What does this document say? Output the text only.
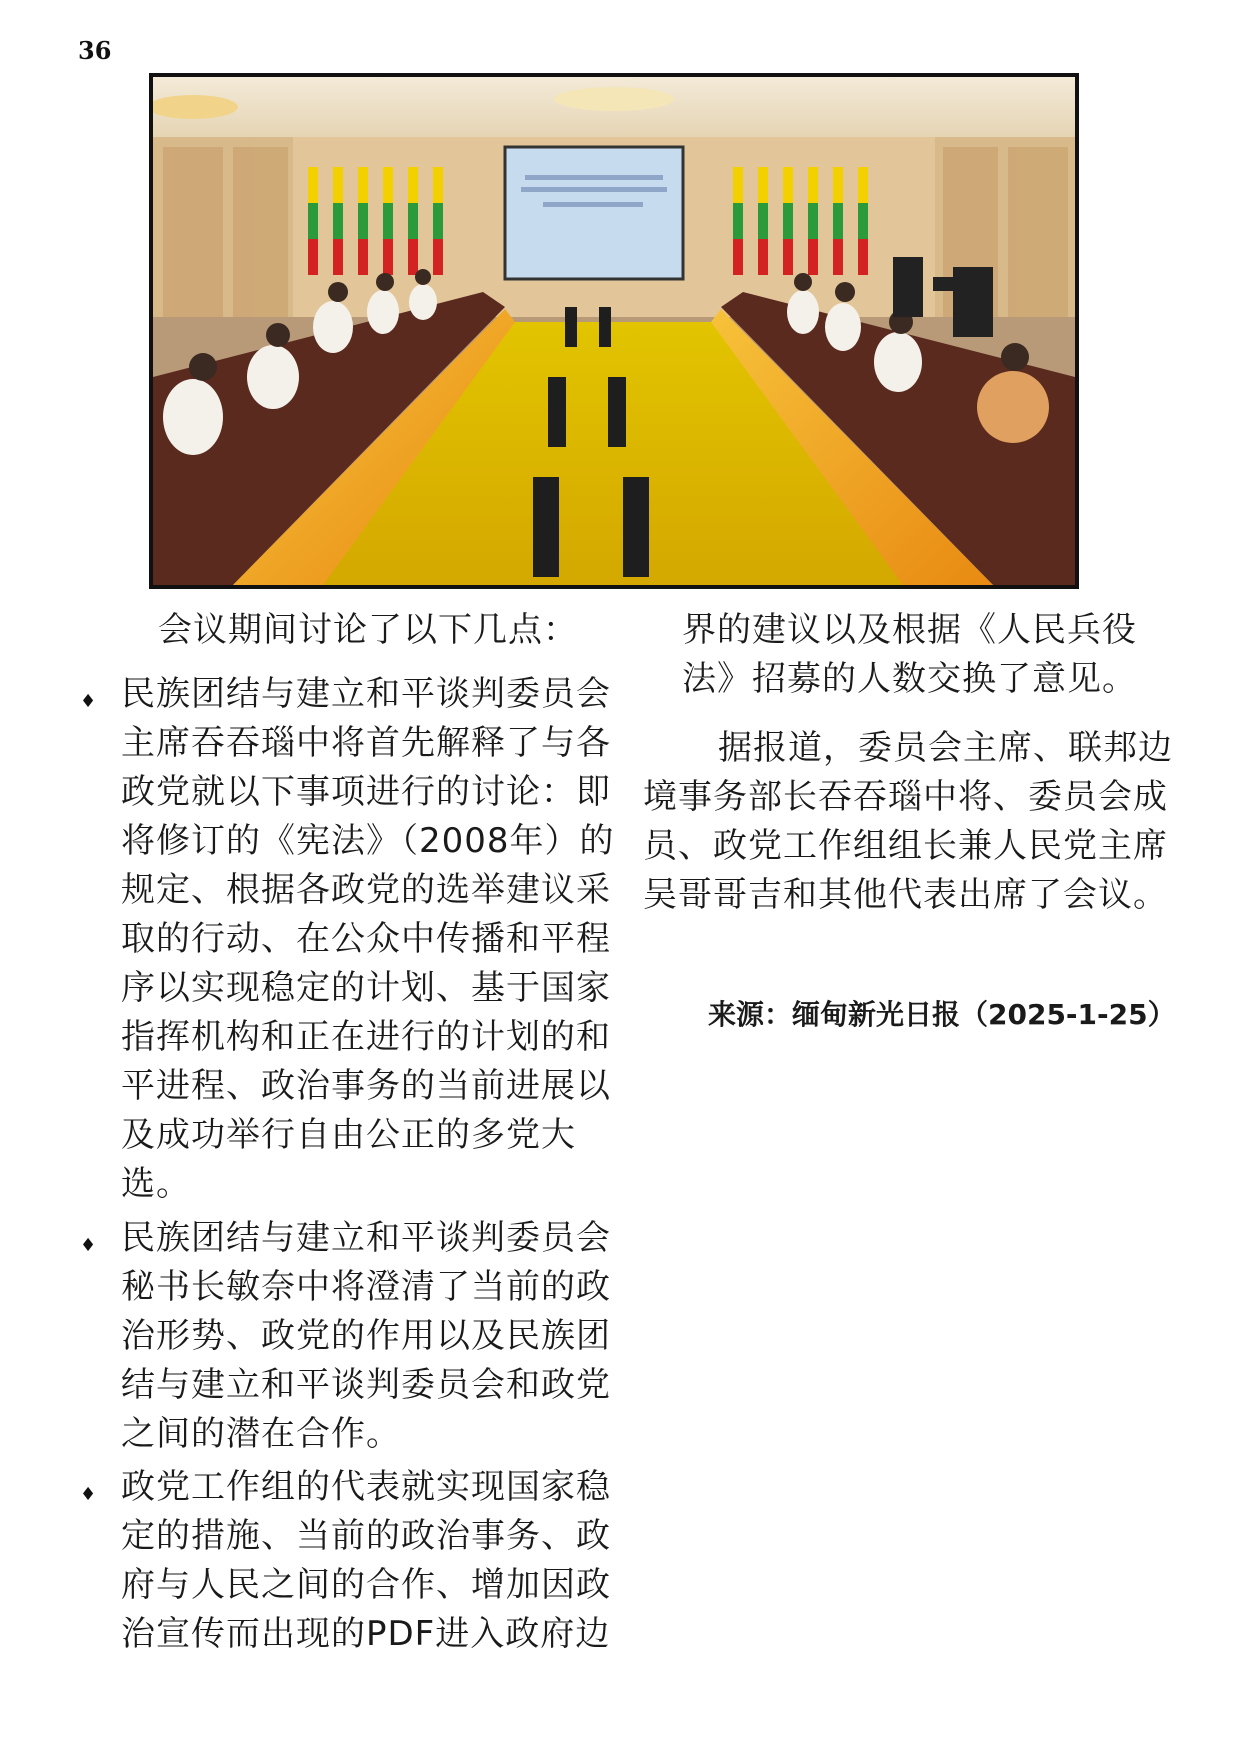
36
会议期间讨论了以下几点：
♦ 民族团结与建立和平谈判委员会
主席吞吞瑙中将首先解释了与各
政党就以下事项进行的讨论：即
将修订的《宪法》（2008年）的
规定、根据各政党的选举建议采
取的行动、在公众中传播和平程
序以实现稳定的计划、基于国家
指挥机构和正在进行的计划的和
平进程、政治事务的当前进展以
及成功举行自由公正的多党大
选。
♦ 民族团结与建立和平谈判委员会
秘书长敏奈中将澄清了当前的政
治形势、政党的作用以及民族团
结与建立和平谈判委员会和政党
之间的潜在合作。
♦ 政党工作组的代表就实现国家稳
定的措施、当前的政治事务、政
府与人民之间的合作、增加因政
治宣传而出现的PDF进入政府边
界的建议以及根据《人民兵役
法》招募的人数交换了意见。
据报道，委员会主席、联邦边
境事务部长吞吞瑙中将、委员会成
员、政党工作组组长兼人民党主席
吴哥哥吉和其他代表出席了会议。
来源：缅甸新光日报（2025-1-25）
